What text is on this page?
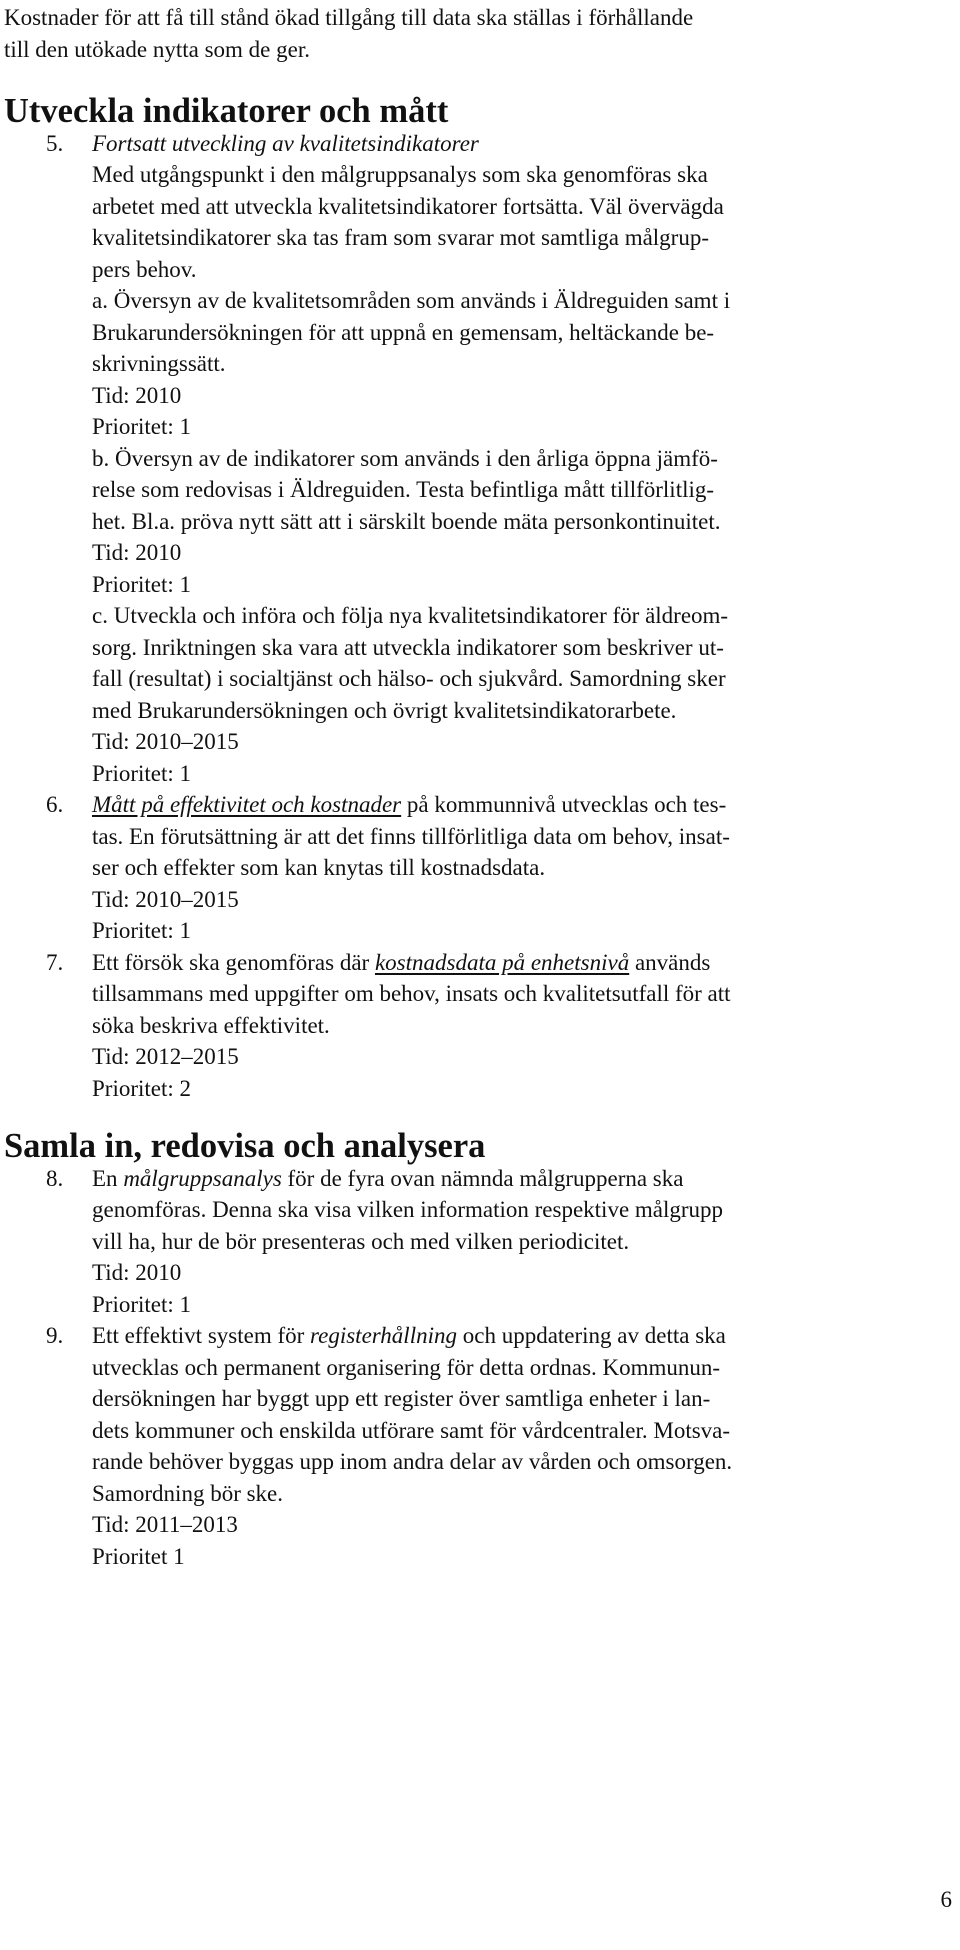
Kostnader för att få till stånd ökad tillgång till data ska ställas i förhållande
till den utökade nytta som de ger.

Utveckla indikatorer och mått
5. Fortsatt utveckling av kvalitetsindikatorer
Med utgångspunkt i den målgruppsanalys som ska genomföras ska
arbetet med att utveckla kvalitetsindikatorer fortsätta. Väl övervägda
kvalitetsindikatorer ska tas fram som svarar mot samtliga målgrup-
pers behov.
a. Översyn av de kvalitetsområden som används i Äldreguiden samt i
Brukarundersökningen för att uppnå en gemensam, heltäckande be-
skrivningssätt.
Tid: 2010
Prioritet: 1
b. Översyn av de indikatorer som används i den årliga öppna jämfö-
relse som redovisas i Äldreguiden. Testa befintliga mått tillförlitlig-
het. Bl.a. pröva nytt sätt att i särskilt boende mäta personkontinuitet.
Tid: 2010
Prioritet: 1
c. Utveckla och införa och följa nya kvalitetsindikatorer för äldreom-
sorg. Inriktningen ska vara att utveckla indikatorer som beskriver ut-
fall (resultat) i socialtjänst och hälso- och sjukvård. Samordning sker
med Brukarundersökningen och övrigt kvalitetsindikatorarbete.
Tid: 2010–2015
Prioritet: 1
6. Mått på effektivitet och kostnader på kommunnivå utvecklas och tes-
tas. En förutsättning är att det finns tillförlitliga data om behov, insat-
ser och effekter som kan knytas till kostnadsdata.
Tid: 2010–2015
Prioritet: 1
7. Ett försök ska genomföras där kostnadsdata på enhetsnivå används
tillsammans med uppgifter om behov, insats och kvalitetsutfall för att
söka beskriva effektivitet.
Tid: 2012–2015
Prioritet: 2
Samla in, redovisa och analysera
8. En målgruppsanalys för de fyra ovan nämnda målgrupperna ska
genomföras. Denna ska visa vilken information respektive målgrupp
vill ha, hur de bör presenteras och med vilken periodicitet.
Tid: 2010
Prioritet: 1
9. Ett effektivt system för registerhållning och uppdatering av detta ska
utvecklas och permanent organisering för detta ordnas. Kommunun-
dersökningen har byggt upp ett register över samtliga enheter i lan-
dets kommuner och enskilda utförare samt för vårdcentraler. Motsva-
rande behöver byggas upp inom andra delar av vården och omsorgen.
Samordning bör ske.
Tid: 2011–2013
Prioritet 1

6
